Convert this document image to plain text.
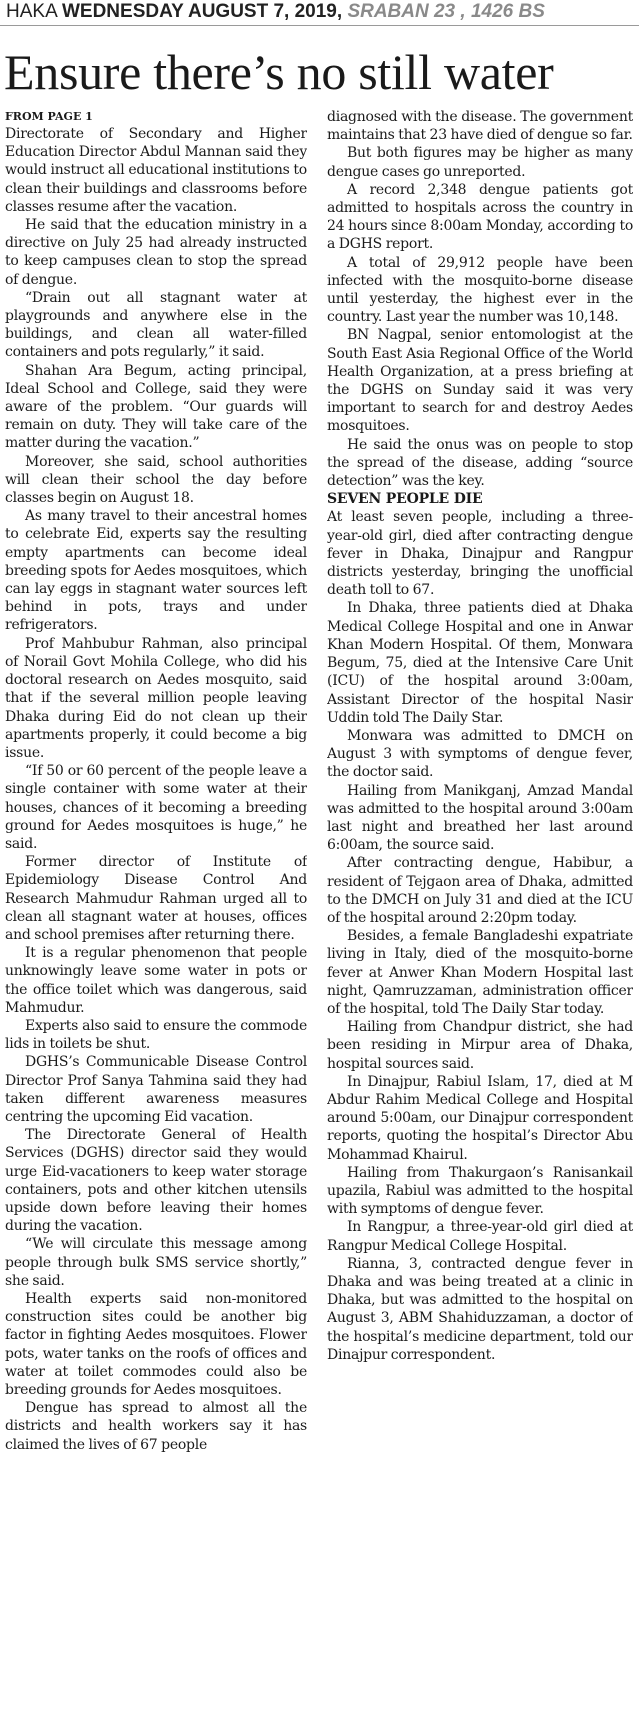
HAKA WEDNESDAY AUGUST 7, 2019, SRABAN 23 , 1426 BS
Ensure there’s no still water

FROM PAGE 1

Directorate of Secondary and Higher Education Director Abdul Mannan said they would instruct all educational institutions to clean their buildings and classrooms before classes resume after the vacation.

He said that the education ministry in a directive on July 25 had already instructed to keep campuses clean to stop the spread of dengue.

“Drain out all stagnant water at playgrounds and anywhere else in the buildings, and clean all water-filled containers and pots regularly,” it said.

Shahan Ara Begum, acting principal, Ideal School and College, said they were aware of the problem. “Our guards will remain on duty. They will take care of the matter during the vacation.”

Moreover, she said, school authorities will clean their school the day before classes begin on August 18.

As many travel to their ancestral homes to celebrate Eid, experts say the resulting empty apartments can become ideal breeding spots for Aedes mosquitoes, which can lay eggs in stagnant water sources left behind in pots, trays and under refrigerators.

Prof Mahbubur Rahman, also principal of Norail Govt Mohila College, who did his doctoral research on Aedes mosquito, said that if the several million people leaving Dhaka during Eid do not clean up their apartments properly, it could become a big issue.

“If 50 or 60 percent of the people leave a single container with some water at their houses, chances of it becoming a breeding ground for Aedes mosquitoes is huge,” he said.

Former director of Institute of Epidemiology Disease Control And Research Mahmudur Rahman urged all to clean all stagnant water at houses, offices and school premises after returning there.

It is a regular phenomenon that people unknowingly leave some water in pots or the office toilet which was dangerous, said Mahmudur.

Experts also said to ensure the commode lids in toilets be shut.

DGHS’s Communicable Disease Control Director Prof Sanya Tahmina said they had taken different awareness measures centring the upcoming Eid vacation.

The Directorate General of Health Services (DGHS) director said they would urge Eid-vacationers to keep water storage containers, pots and other kitchen utensils upside down before leaving their homes during the vacation.

“We will circulate this message among people through bulk SMS service shortly,” she said.

Health experts said non-monitored construction sites could be another big factor in fighting Aedes mosquitoes. Flower pots, water tanks on the roofs of offices and water at toilet commodes could also be breeding grounds for Aedes mosquitoes.

Dengue has spread to almost all the districts and health workers say it has claimed the lives of 67 people

diagnosed with the disease. The government maintains that 23 have died of dengue so far.

But both figures may be higher as many dengue cases go unreported.

A record 2,348 dengue patients got admitted to hospitals across the country in 24 hours since 8:00am Monday, according to a DGHS report.

A total of 29,912 people have been infected with the mosquito-borne disease until yesterday, the highest ever in the country. Last year the number was 10,148.

BN Nagpal, senior entomologist at the South East Asia Regional Office of the World Health Organization, at a press briefing at the DGHS on Sunday said it was very important to search for and destroy Aedes mosquitoes.

He said the onus was on people to stop the spread of the disease, adding “source detection” was the key.

SEVEN PEOPLE DIE

At least seven people, including a three-year-old girl, died after contracting dengue fever in Dhaka, Dinajpur and Rangpur districts yesterday, bringing the unofficial death toll to 67.

In Dhaka, three patients died at Dhaka Medical College Hospital and one in Anwar Khan Modern Hospital. Of them, Monwara Begum, 75, died at the Intensive Care Unit (ICU) of the hospital around 3:00am, Assistant Director of the hospital Nasir Uddin told The Daily Star.

Monwara was admitted to DMCH on August 3 with symptoms of dengue fever, the doctor said.

Hailing from Manikganj, Amzad Mandal was admitted to the hospital around 3:00am last night and breathed her last around 6:00am, the source said.

After contracting dengue, Habibur, a resident of Tejgaon area of Dhaka, admitted to the DMCH on July 31 and died at the ICU of the hospital around 2:20pm today.

Besides, a female Bangladeshi expatriate living in Italy, died of the mosquito-borne fever at Anwer Khan Modern Hospital last night, Qamruzzaman, administration officer of the hospital, told The Daily Star today.

Hailing from Chandpur district, she had been residing in Mirpur area of Dhaka, hospital sources said.

In Dinajpur, Rabiul Islam, 17, died at M Abdur Rahim Medical College and Hospital around 5:00am, our Dinajpur correspondent reports, quoting the hospital’s Director Abu Mohammad Khairul.

Hailing from Thakurgaon’s Ranisankail upazila, Rabiul was admitted to the hospital with symptoms of dengue fever.

In Rangpur, a three-year-old girl died at Rangpur Medical College Hospital.

Rianna, 3, contracted dengue fever in Dhaka and was being treated at a clinic in Dhaka, but was admitted to the hospital on August 3, ABM Shahiduzzaman, a doctor of the hospital’s medicine department, told our Dinajpur correspondent.
